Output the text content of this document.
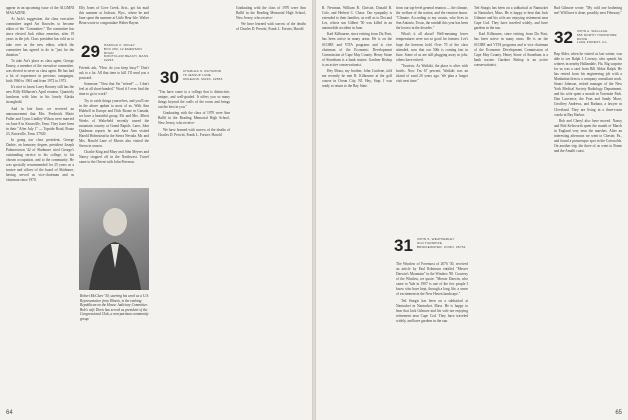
appear in an upcoming issue of the ALUMNI MAGAZINE.

At Jack's suggestion, the class executive committee urged Art Knowles to become editor of the "Committee." The committee has since elected Jack editor emeritus, after 19 years in the job. Class president has told us to take over as the new editor, which the committee has agreed to do in "just for the duration."

To take Art's place as class agent, George Emery, a member of the executive committee, was elected to serve as class agent. He has had a lot of experience in previous campaigns, both 1960 to 1961 and from 1972 to 1973.

It's nice to know Larry Rooney still has the new Billy Milhaven's April reunion. Quarterly luncheon with him in his lonely Alaska stronghold.

And in late June, we received an announcement that Mrs. Frederick Marie Fuller and Cyrus Lindley Wilson were married on June 8 in Knoxville, Tenn. They have been in their "After July 1" — Topside Road, Route 23, Knoxville, Tenn. 37920.

In going our class president, George Darbie, an honorary degree, president Joseph Palmerstown '42 of Skidmore cited George's outstanding service to his college, to his chosen occupation, and to the community. He was specially recommended for 25 years as a trustee and officer of the board of Skidmore, having served as vice-chairman and as chairman since 1970.

Elly Jones of Cove Creek, Ariz., got his mail this summer at Jackson, Wyo., where he and Jane spent the summer at Little Bear Isle. Walter Bean wrote to congratulate Walter Bayne.

29 HAROLD C. ROLEY
BOX 280, 12 EMERSON ROAD
MONTCLAIR BEACH, MASS. 02253

Friends ask, "How do you keep busy?" Don't ask to a lot. All that time to kill. I'll send you a postcard.

Someone: "Now that I'm "retired" — I don't feel at all short-handed." Word if I ever find the time to go to work!

Try to catch things yourselves, and you'll see in the above update to most of us. With Ann Hubbell in Europe and Dick Boone in Canada, we have a beautiful group. Mr. and Mrs. Albert Weeks of Wakefield recently toured the mountain country at Grand Rapids. Later, John Quidman reports he and Sara Ann visited Harold Holmstead in the Sierra Nevada. Mr. and Mrs. Harold Lane of Morris also visited the Sierra in season.

Charlie King and Mary and John Meyers and Nancy stopped off in the Northwest. Travel came to the Orient with John Peterson.

Robert McClure '30, starring his work as a U.S. Representative from Illinois, is the ranking Republican on the House Judiciary Committee. Bob's wife Doris has served as president of the Congressional Club, a non-partisan community group.
30 CHARLES S. RAYMOND
76 JESSUP LANE
ORLEANS, MASS. 02653

"You have come to a college that is distinctive, unique, and well-graded. It offers you so many things beyond the walls of the room and brings out the best in you."

Graduating with the class of 1970 were Ann Ballif in the Reading Memorial High School, New Jersey, who receive-

We have learned with sorrow of the deaths of Charles D. Prewitt, Frank L. Forster, Harold

Graduating with the class of 1970 were Ann Ballif in the Reading Memorial High School, New Jersey, who receive-

We have learned with sorrow of the deaths of Charles D. Prewitt, Frank L. Forster, Harold

64

R. Newman, William R. Christie, Donald B. Cole, and Herbert C. Chase. Our sympathy is extended to their families, as well as to Dot and Les, whose son Gilbert '50 was killed in an automobile accident in June.

Karl Kilbourne, since retiring from Du Pont, has been active in many areas. He is on the SCORE and VITA programs and is vice chairman of the Economic Development Commission of Cape May County. Henry Stone of Stoneham is a bank trustee. Gardner Bishop is an active conservationist.

Hey Mona, my brother, John Cardone, told me recently he met R. Kilbourne at the golf course in Ocean City, NJ. Hey, Stop. I was ready to return to the Bay State.

from our top-level general reunion — the climate, the welfare of the nation, and the reunion house. "Climate: According to my cousin, who lives in San Antonio, Texas, the rainfall this year has been the lowest in the decades."

What's it all about? Well-meaning lower temperatures were not so good for farmers. Let's hope the heavens hold. Over 70 of the class attended, now that our 50th is coming fast in June. Some of us are still plugging away in jobs, others have retired.

"Tourists: As Waikiki, the place is alive with hotels. Now I'm 67 percent, Waikiki was an island of sand 20 years ago. We plan a longer visit next time."

31 JOHN S. WEATHERLEY
OLD TURNPIKE
BRIDGEWATER, CONN. 06752

The Window of Foremost of 2076 '30, received an article by Paul Robinson entitled "Messer Darwin's Mountain" in the Window '80. Courtesy of the Window, we quote: "Messer Darwin, who came to Yale in 1907 is one of the few people I know who have kept, through a long life, a sense of excitement in the New Haven landscape."

Ted Sturgis has been on a sabbatical at Nantucket in Nantucket, Mass. He is happy to hear that Jack Gilmore and his wife are enjoying retirement near Cape Cod. They have traveled widely, and have gardens in the sun.

Ted Sturgis has been on a sabbatical at Nantucket in Nantucket, Mass. He is happy to hear that Jack Gilmore and his wife are enjoying retirement near Cape Cod. They have traveled widely, and have gardens in the sun.

Karl Kilbourne, since retiring from Du Pont, has been active in many areas. He is on the SCORE and VITA programs and is vice chairman of the Economic Development Commission of Cape May County. Henry Stone of Stoneham is a bank trustee. Gardner Bishop is an active conservationist.

Bud Gilmore wrote: "My cold one bothering me! Will have it done, possibly next February."

32 JOHN A. WALLACE
555 NORTH YORKSHIRE DRIVE
LAKE FOREST, ILL.

Bap Alder, when he visited us last winter, was able to see Ralph I. Livezey, who spends his winters in nearby Hallandale, Fla. Big surprise for us was a card from Bill Abbot Ralph. He has retired from his engineering job with a Manhattan firm to a company consultant work. Stuart Johnson, retired manager of the New York Medical Society Radiology Department, and his wife spent a month in Yosemite Park. Dan Lawrence, the Fran and Sandy Mace, Geoffrey Andrews, and Barbara, a lawyer in Cleveland. They are living in a three-room condo in Bay Harbor.

Bob and Cheryl also have moved. Nancy and Bob Kelsworth spent the month of March in England very near the marshes. After an interesting afternoon we went to Chester, Pa., and found a picturesque spot in the Cotswolds. On another trip, the three of us went to Rome and the Amalfi coast.

65
